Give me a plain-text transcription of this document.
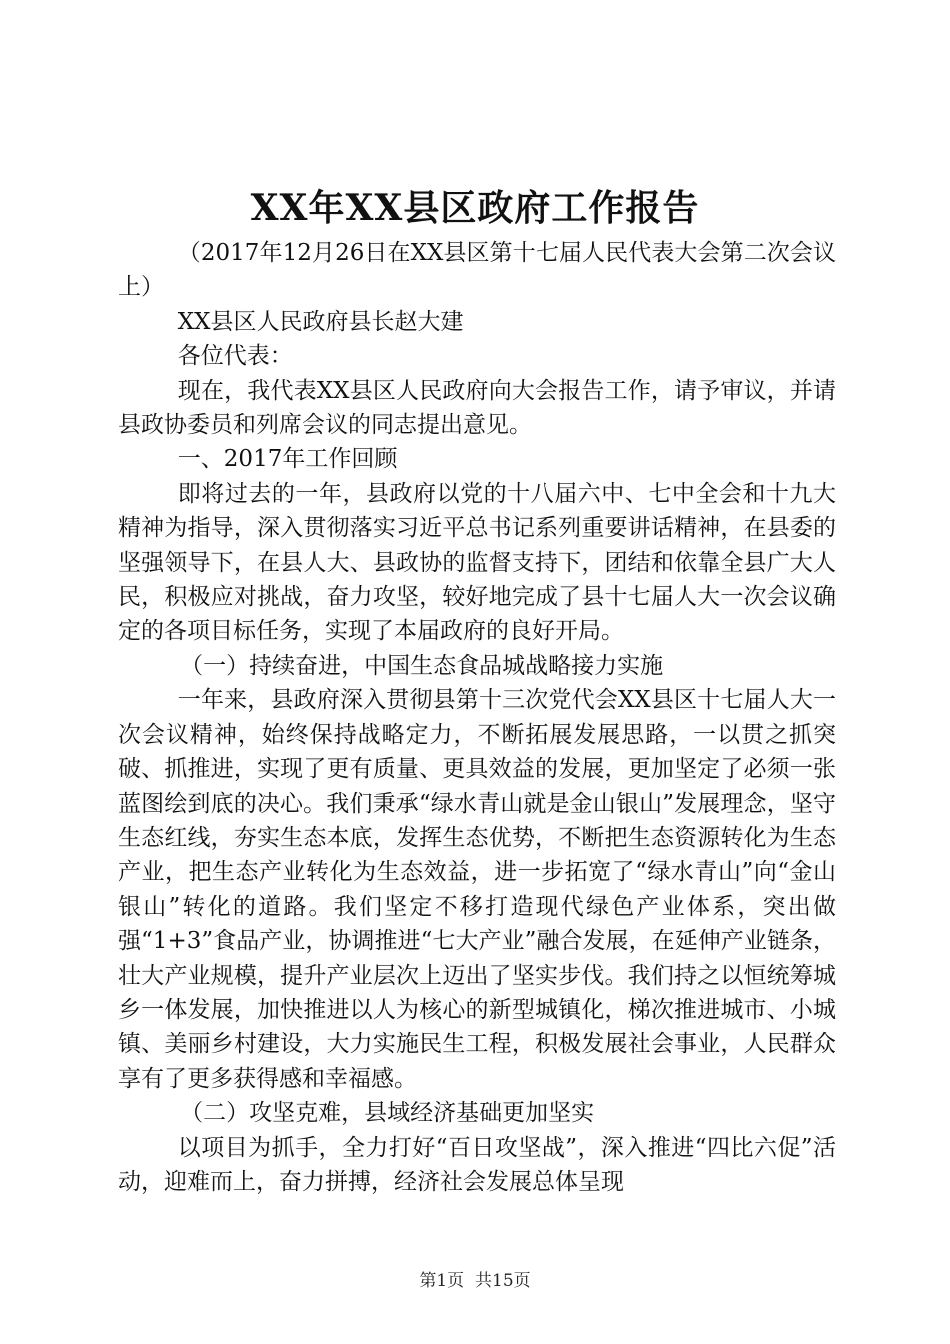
XX年XX县区政府工作报告

（2017年12月26日在XX县区第十七届人民代表大会第二次会议上）

XX县区人民政府县长赵大建

各位代表：

现在，我代表XX县区人民政府向大会报告工作，请予审议，并请县政协委员和列席会议的同志提出意见。

一、2017年工作回顾

即将过去的一年，县政府以党的十八届六中、七中全会和十九大精神为指导，深入贯彻落实习近平总书记系列重要讲话精神，在县委的坚强领导下，在县人大、县政协的监督支持下，团结和依靠全县广大人民，积极应对挑战，奋力攻坚，较好地完成了县十七届人大一次会议确定的各项目标任务，实现了本届政府的良好开局。

（一）持续奋进，中国生态食品城战略接力实施

一年来，县政府深入贯彻县第十三次党代会XX县区十七届人大一次会议精神，始终保持战略定力，不断拓展发展思路，一以贯之抓突破、抓推进，实现了更有质量、更具效益的发展，更加坚定了必须一张蓝图绘到底的决心。我们秉承“绿水青山就是金山银山”发展理念，坚守生态红线，夯实生态本底，发挥生态优势，不断把生态资源转化为生态产业，把生态产业转化为生态效益，进一步拓宽了“绿水青山”向“金山银山”转化的道路。我们坚定不移打造现代绿色产业体系，突出做强“1+3”食品产业，协调推进“七大产业”融合发展，在延伸产业链条，壮大产业规模，提升产业层次上迈出了坚实步伐。我们持之以恒统筹城乡一体发展，加快推进以人为核心的新型城镇化，梯次推进城市、小城镇、美丽乡村建设，大力实施民生工程，积极发展社会事业，人民群众享有了更多获得感和幸福感。

（二）攻坚克难，县域经济基础更加坚实

以项目为抓手，全力打好“百日攻坚战”，深入推进“四比六促”活动，迎难而上，奋力拼搏，经济社会发展总体呈现

第1页 共15页
